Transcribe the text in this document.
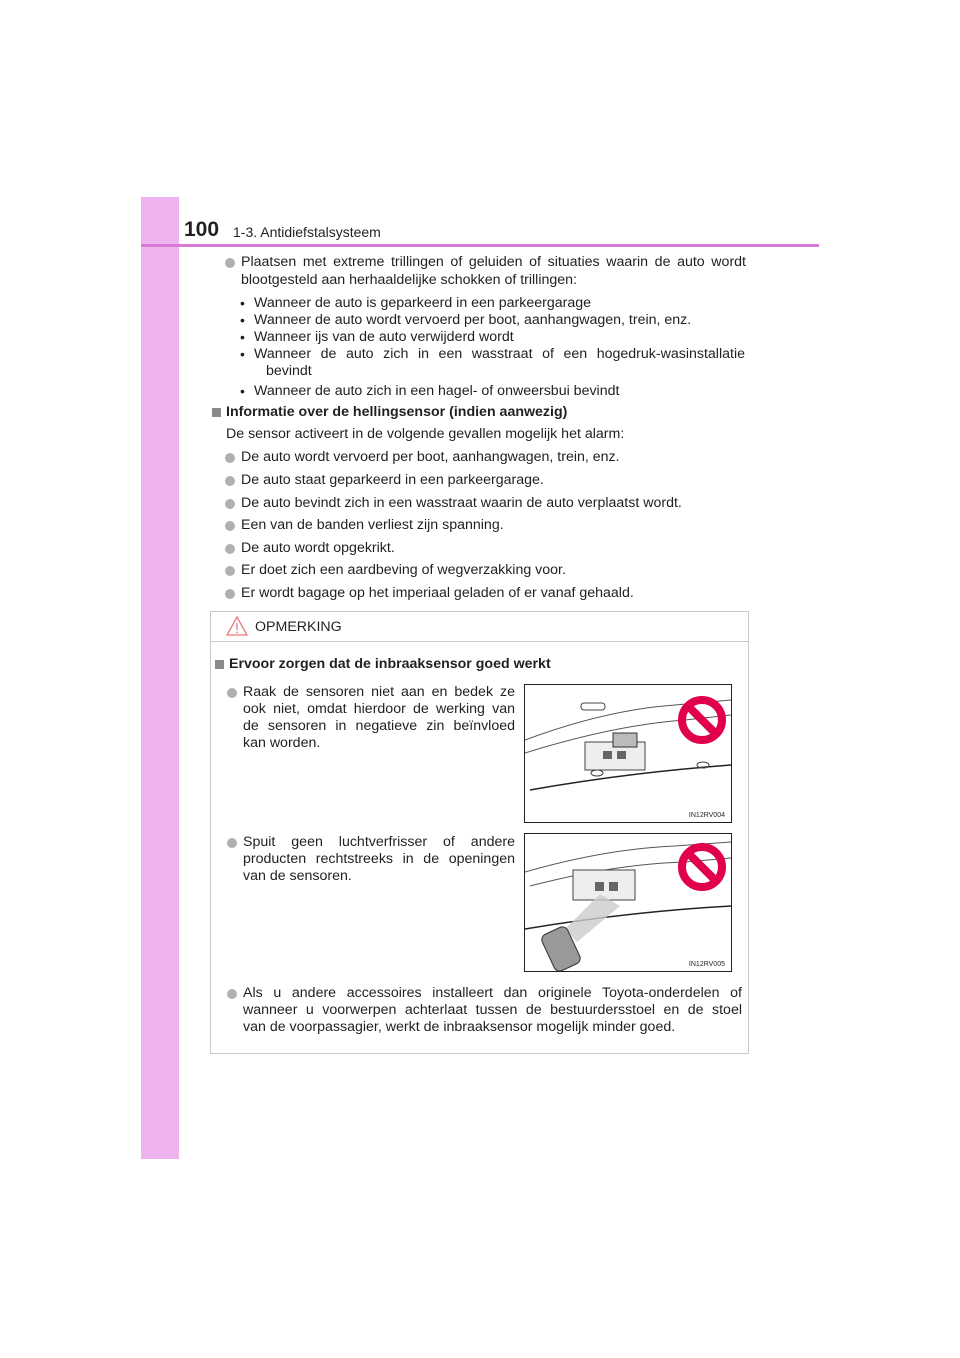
100 1-3. Antidiefstalsysteem
Plaatsen met extreme trillingen of geluiden of situaties waarin de auto wordt
blootgesteld aan herhaaldelijke schokken of trillingen:
• Wanneer de auto is geparkeerd in een parkeergarage
• Wanneer de auto wordt vervoerd per boot, aanhangwagen, trein, enz.
• Wanneer ijs van de auto verwijderd wordt
• Wanneer de auto zich in een wasstraat of een hogedruk-wasinstallatie
bevindt
• Wanneer de auto zich in een hagel- of onweersbui bevindt
Informatie over de hellingsensor (indien aanwezig)
De sensor activeert in de volgende gevallen mogelijk het alarm:
De auto wordt vervoerd per boot, aanhangwagen, trein, enz.
De auto staat geparkeerd in een parkeergarage.
De auto bevindt zich in een wasstraat waarin de auto verplaatst wordt.
Een van de banden verliest zijn spanning.
De auto wordt opgekrikt.
Er doet zich een aardbeving of wegverzakking voor.
Er wordt bagage op het imperiaal geladen of er vanaf gehaald.
OPMERKING
Ervoor zorgen dat de inbraaksensor goed werkt
Raak de sensoren niet aan en bedek ze
ook niet, omdat hierdoor de werking van
de sensoren in negatieve zin beïnvloed
kan worden.
IN12RV004
Spuit geen luchtverfrisser of andere
producten rechtstreeks in de openingen
van de sensoren.
IN12RV005
Als u andere accessoires installeert dan originele Toyota-onderdelen of
wanneer u voorwerpen achterlaat tussen de bestuurdersstoel en de stoel
van de voorpassagier, werkt de inbraaksensor mogelijk minder goed.
